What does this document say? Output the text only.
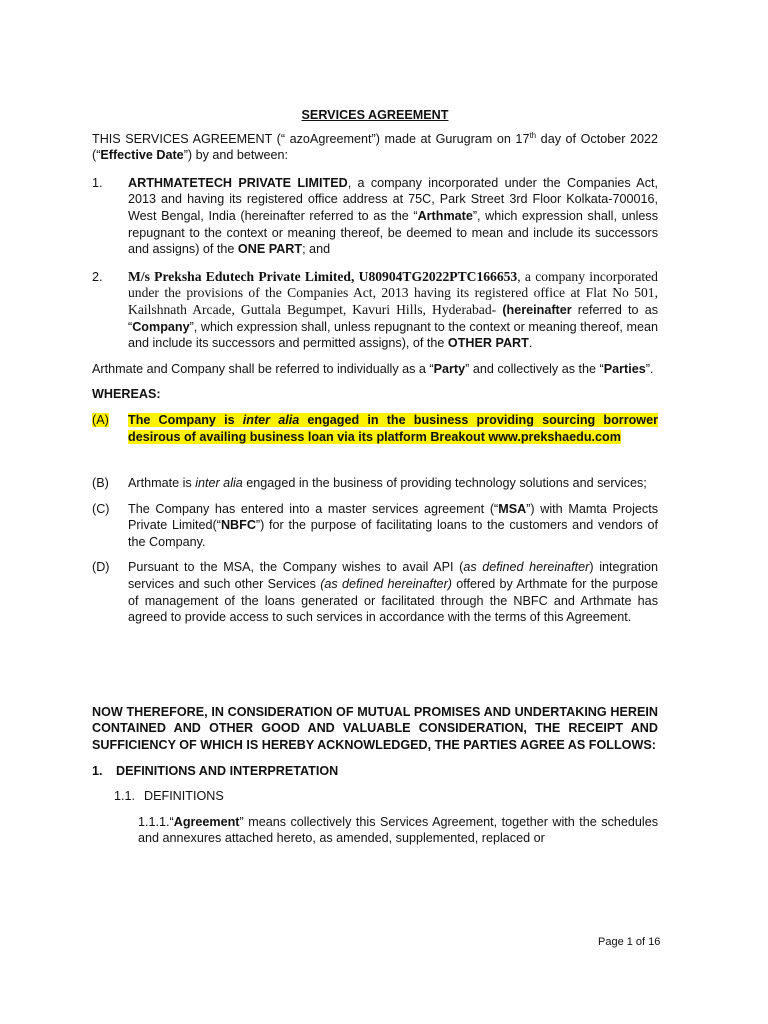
SERVICES AGREEMENT

THIS SERVICES AGREEMENT (“ azoAgreement”) made at Gurugram on 17th day of October 2022 (“Effective Date”) by and between:

1.	ARTHMATETECH PRIVATE LIMITED, a company incorporated under the Companies Act, 2013 and having its registered office address at 75C, Park Street 3rd Floor Kolkata-700016, West Bengal, India (hereinafter referred to as the “Arthmate”, which expression shall, unless repugnant to the context or meaning thereof, be deemed to mean and include its successors and assigns) of the ONE PART; and

2.	M/s Preksha Edutech Private Limited, U80904TG2022PTC166653, a company incorporated under the provisions of the Companies Act, 2013 having its registered office at Flat No 501, Kailshnath Arcade, Guttala Begumpet, Kavuri Hills, Hyderabad- (hereinafter referred to as “Company”, which expression shall, unless repugnant to the context or meaning thereof, mean and include its successors and permitted assigns), of the OTHER PART.

Arthmate and Company shall be referred to individually as a “Party” and collectively as the “Parties”.

WHEREAS:

(A)	The Company is inter alia engaged in the business providing sourcing borrower desirous of availing business loan via its platform Breakout www.prekshaedu.com

(B)	Arthmate is inter alia engaged in the business of providing technology solutions and services;

(C)	The Company has entered into a master services agreement (“MSA”) with Mamta Projects Private Limited(“NBFC”) for the purpose of facilitating loans to the customers and vendors of the Company.

(D)	Pursuant to the MSA, the Company wishes to avail API (as defined hereinafter) integration services and such other Services (as defined hereinafter) offered by Arthmate for the purpose of management of the loans generated or facilitated through the NBFC and Arthmate has agreed to provide access to such services in accordance with the terms of this Agreement.

NOW THEREFORE, IN CONSIDERATION OF MUTUAL PROMISES AND UNDERTAKING HEREIN CONTAINED AND OTHER GOOD AND VALUABLE CONSIDERATION, THE RECEIPT AND SUFFICIENCY OF WHICH IS HEREBY ACKNOWLEDGED, THE PARTIES AGREE AS FOLLOWS:

1.	DEFINITIONS AND INTERPRETATION
1.1. DEFINITIONS

1.1.1.“Agreement” means collectively this Services Agreement, together with the schedules and annexures attached hereto, as amended, supplemented, replaced or

Page 1 of 16
